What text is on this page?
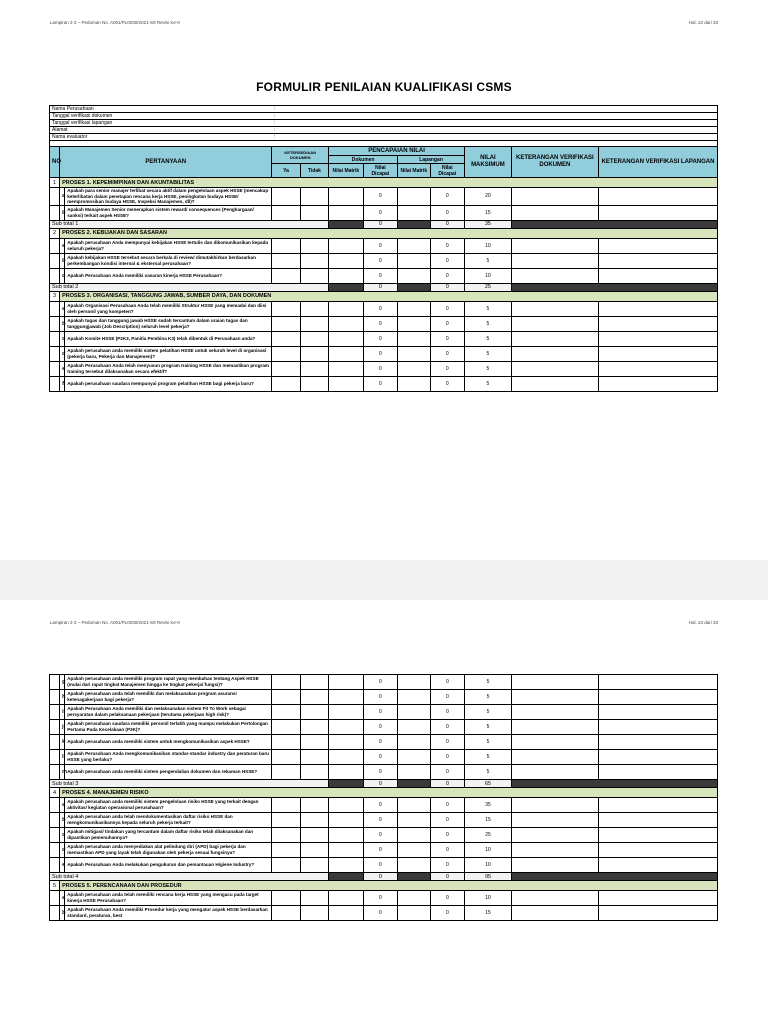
Lampiran 2-2 – Pedoman No. A001/PL0030/2021-S9 Revisi Ke-0	Hal. 22 dari 33
FORMULIR PENILAIAN KUALIFIKASI CSMS
Nama Perusahaan			:								
Tanggal verifikasi dokumen			:								
Tanggal verifikasi lapangan			:								
Alamat			:								
Nama evaluator			:								

NO	PERTANYAAN		KETERSEDIAAN DOKUMEN		PENCAPAIAN NILAI				NILAI MAKSIMUM	KETERANGAN VERIFIKASI DOKUMEN	KETERANGAN VERIFIKASI LAPANGAN
					Dokumen		Lapangan				
			Ya	Tidak	Nilai Matrik	Nilai Dicapai	Nilai Matrik	Nilai Dicapai			
1	PROSES 1. KEPEMIMPINAN DAN AKUNTABILITAS										
	a	Apakah para senior manajer terlibat secara aktif dalam pengelolaan aspek HSSE (mencakup keterlibatan dalam penetapan rencana kerja HSSE, peningkatan budaya HSSE/ mempromosikan budaya HSSE, Inspeksi Manajemen, dll)?				0		0	20		
	b	Apakah Manajemen Senior menerapkan sistem reward/ consequences (Penghargaan/ sanksi) terkait aspek HSSE?				0		0	15		
Sub total 1						0		0	35		
2	PROSES 2. KEBIJAKAN DAN SASARAN										
	a	Apakah perusahaan Anda mempunyai kebijakan HSSE tertulis dan dikomunikasikan kepada seluruh pekerja?				0		0	10		
	b	Apakah kebijakan HSSE tersebut secara berkala di review/ dimutakhirkan berdasarkan perkembangan kondisi internal & eksternal perusahaan?				0		0	5		
	c	Apakah Perusahaan Anda memiliki sasaran kinerja HSSE Perusahaan?				0		0	10		
Sub total 2						0		0	25		
3	PROSES 3. ORGANISASI, TANGGUNG JAWAB, SUMBER DAYA, DAN DOKUMEN										
	a	Apakah Organisasi Perusahaan Anda telah memiliki Struktur HSSE yang memadai dan diisi oleh personil yang kompeten?				0		0	5		
	b	Apakah tugas dan tanggung jawab HSSE sudah tercantum dalam uraian tugas dan tanggungjawab (Job Description) seluruh level pekerja?				0		0	5		
	c	Apakah Komite HSSE (P2K3, Panitia Pembina K3) telah dibentuk di Perusahaan anda?				0		0	5		
	d	Apakah perusahaan anda memiliki sistem pelatihan HSSE untuk seluruh level di organisasi (pekerja baru, Pekerja dan Manajemen)?				0		0	5		
	e	Apakah Perusahaan Anda telah menyusun program training HSSE dan memastikan program training tersebut dilaksanakan secara efektif?				0		0	5		
	f	Apakah perusahaan saudara mempunyai program pelatihan HSSE bagi pekerja baru?				0		0	5		
Lampiran 2-2 – Pedoman No. A001/PL0030/2021-S9 Revisi Ke-0	Hal. 23 dari 33
	g	Apakah perusahaan anda memiliki program rapat yang membahas tentang Aspek HSSE (mulai dari rapat tingkat Manajemen hingga ke tingkat pekerja/ fungsi)?				0		0	5		
	h	Apakah perusahaan anda telah memiliki dan melaksanakan program asuransi ketenagakerjaan bagi pekerja?				0		0	5		
	i	Apakah Perusahaan Anda memiliki dan melaksanakan sistem Fit To Work sebagai persyaratan dalam pelaksanaan pekerjaan (terutama pekerjaan high risk)?				0		0	5		
	j	Apakah perusahaan saudara memiliki personil terlatih yang mampu melakukan Pertolongan Pertama Pada Kecelakaan (P3K)?				0		0	5		
	k	Apakah perusahaan anda memiliki sistem untuk mengkomunikasikan aspek HSSE?				0		0	5		
	l	Apakah Perusahaan Anda mengkomunikasikan standar-standar industry dan peraturan baru HSSE yang berlaku?				0		0	5		
	m	Apakah perusahaan anda memiliki sistem pengendalian dokumen dan rekaman HSSE?				0		0	5		
Sub total 3						0		0	65		
4	PROSES 4. MANAJEMEN RISIKO										
	a	Apakah perusahaan anda memiliki sistem pengelolaan risiko HSSE yang terkait dengan aktivitas/ kegiatan operasional perusahaan?				0		0	35		
	b	Apakah perusahaan anda telah mendokumentasikan daftar risiko HSSE dan mengkomunikasikannya kepada seluruh pekerja terkait?				0		0	15		
	c	Apakah mitigasi/ tindakan yang tercantum dalam daftar risiko telah dilaksanakan dan dipastikan pemenuhannya?				0		0	25		
	d	Apakah perusahaan anda menyediakan alat pelindung diri (APD) bagi pekerja dan memastikan APD yang layak telah digunakan oleh pekerja sesuai fungsinya?				0		0	10		
	e	Apakah Perusahaan Anda melakukan pengukuran dan pemantauan Higiene Industry?				0		0	10		
Sub total 4						0		0	95		
5	PROSES 5. PERENCANAAN DAN PROSEDUR										
	a	Apakah perusahaan anda telah memiliki rencana kerja HSSE yang mengacu pada target kinerja HSSE Perusahaan?				0		0	10		
	b	Apakah Perusahaan Anda memiliki Prosedur kerja yang mengatur aspek HSSE berdasarkan standard, peraturan, best				0		0	15		
